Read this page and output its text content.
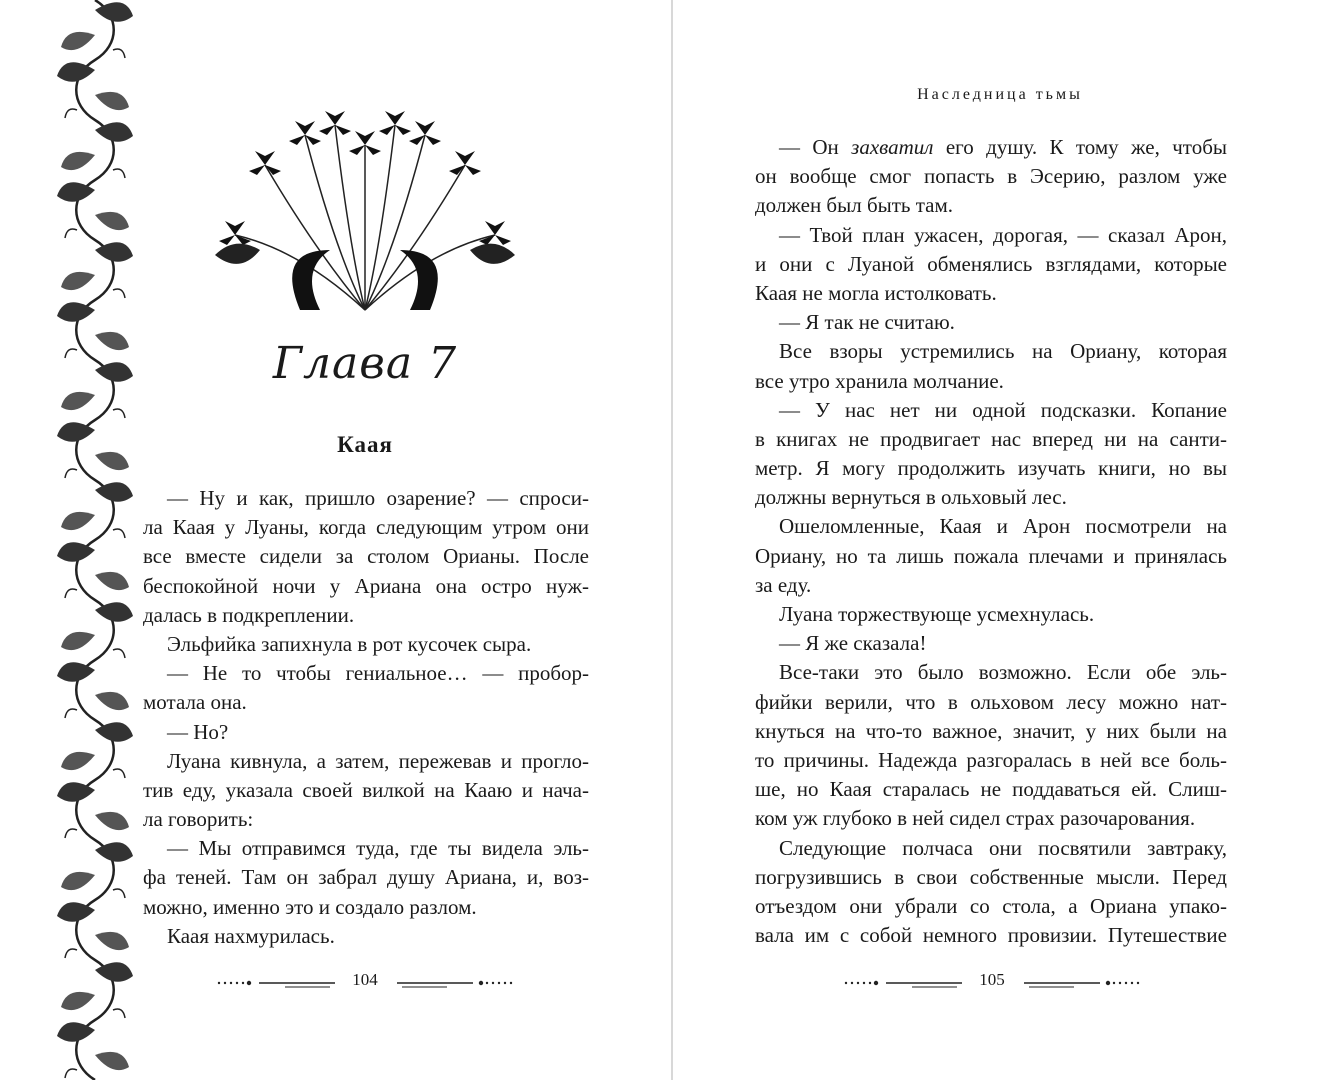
Глава 7
Каая
— Ну и как, пришло озарение? — спроси-
ла Каая у Луаны, когда следующим утром они
все вместе сидели за столом Орианы. После
беспокойной ночи у Ариана она остро нуж-
далась в подкреплении.
Эльфийка запихнула в рот кусочек сыра.
— Не то чтобы гениальное… — пробор-
мотала она.
— Но?
Луана кивнула, а затем, пережевав и прогло-
тив еду, указала своей вилкой на Кааю и нача-
ла говорить:
— Мы отправимся туда, где ты видела эль-
фа теней. Там он забрал душу Ариана, и, воз-
можно, именно это и создало разлом.
Каая нахмурилась.
104
Наследница тьмы
— Он захватил его душу. К тому же, чтобы
он вообще смог попасть в Эсерию, разлом уже
должен был быть там.
— Твой план ужасен, дорогая, — сказал Арон,
и они с Луаной обменялись взглядами, которые
Каая не могла истолковать.
— Я так не считаю.
Все взоры устремились на Ориану, которая
все утро хранила молчание.
— У нас нет ни одной подсказки. Копание
в книгах не продвигает нас вперед ни на санти-
метр. Я могу продолжить изучать книги, но вы
должны вернуться в ольховый лес.
Ошеломленные, Каая и Арон посмотрели на
Ориану, но та лишь пожала плечами и принялась
за еду.
Луана торжествующе усмехнулась.
— Я же сказала!
Все-таки это было возможно. Если обе эль-
фийки верили, что в ольховом лесу можно нат-
кнуться на что-то важное, значит, у них были на
то причины. Надежда разгоралась в ней все боль-
ше, но Каая старалась не поддаваться ей. Слиш-
ком уж глубоко в ней сидел страх разочарования.
Следующие полчаса они посвятили завтраку,
погрузившись в свои собственные мысли. Перед
отъездом они убрали со стола, а Ориана упако-
вала им с собой немного провизии. Путешествие
105
